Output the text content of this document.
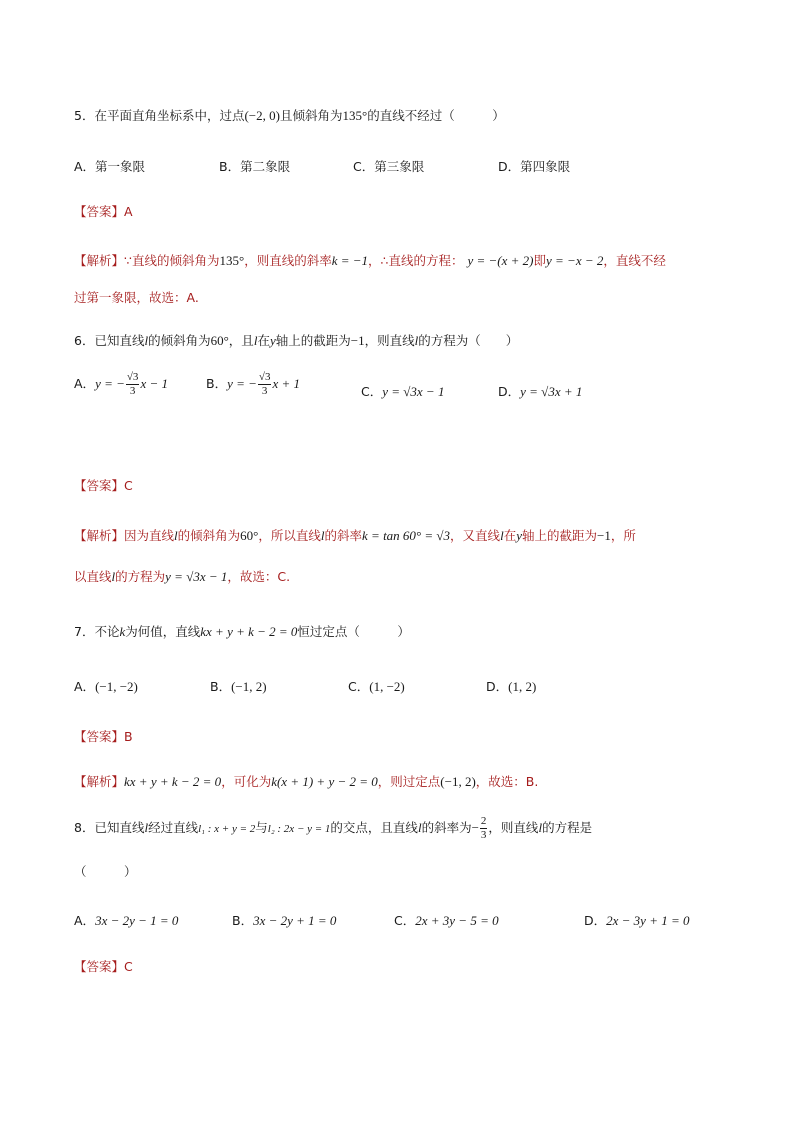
5．在平面直角坐标系中，过点(−2, 0)且倾斜角为135°的直线不经过（　　　）
A．第一象限	B．第二象限	C．第三象限	D．第四象限
【答案】A
【解析】∵直线的倾斜角为135°，则直线的斜率k = −1，∴直线的方程： y = −(x + 2)即y = −x − 2，直线不经
过第一象限，故选：A.
6．已知直线l的倾斜角为60°，且l在y轴上的截距为−1，则直线l的方程为（　　）
A．y = − $\frac{√3}{3}$ x − 1	B．y = − $\frac{√3}{3}$ x + 1
C．y = √3x − 1	D．y = √3x + 1
【答案】C
【解析】因为直线l的倾斜角为60°，所以直线l的斜率k = tan 60° = √3，又直线l在y轴上的截距为−1，所
以直线l的方程为y = √3x − 1，故选：C.
7．不论k为何值，直线kx + y + k − 2 = 0恒过定点（　　　）
A．(−1, −2)	B．(−1, 2)	C．(1, −2)	D．(1, 2)
【答案】B
【解析】kx + y + k − 2 = 0，可化为k(x + 1) + y − 2 = 0，则过定点(−1, 2)，故选：B.
8．已知直线l经过直线l₁ : x + y = 2与l₂ : 2x − y = 1的交点，且直线l的斜率为− $\frac{2}{3}$ ，则直线l的方程是
（　　　）
A．3x − 2y − 1 = 0	B．3x − 2y + 1 = 0	C．2x + 3y − 5 = 0	D．2x − 3y + 1 = 0
【答案】C
